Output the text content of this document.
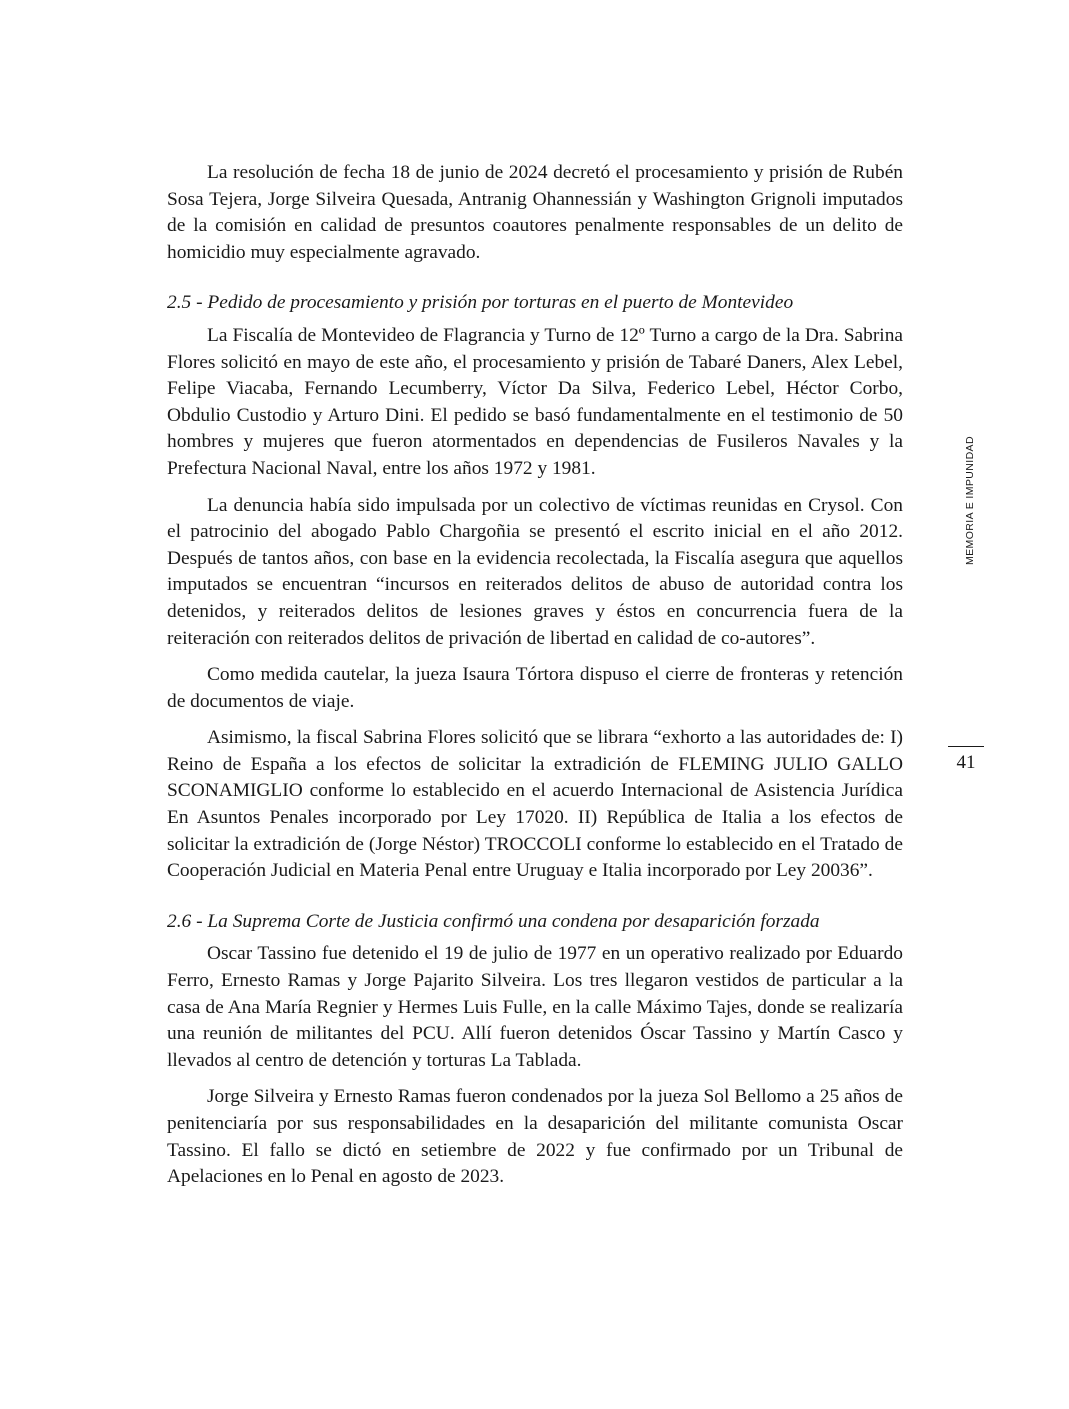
La resolución de fecha 18 de junio de 2024 decretó el procesamiento y prisión de Rubén Sosa Tejera, Jorge Silveira Quesada, Antranig Ohannessián y Washington Grignoli imputados de la comisión en calidad de presuntos coautores penalmente responsables de un delito de homicidio muy especialmente agravado.

2.5 - Pedido de procesamiento y prisión por torturas en el puerto de Montevideo

La Fiscalía de Montevideo de Flagrancia y Turno de 12º Turno a cargo de la Dra. Sabrina Flores solicitó en mayo de este año, el procesamiento y prisión de Tabaré Daners, Alex Lebel, Felipe Viacaba, Fernando Lecumberry, Víctor Da Silva, Federico Lebel, Héctor Corbo, Obdulio Custodio y Arturo Dini. El pedido se basó fundamentalmente en el testimonio de 50 hombres y mujeres que fueron atormentados en dependencias de Fusileros Navales y la Prefectura Nacional Naval, entre los años 1972 y 1981.

La denuncia había sido impulsada por un colectivo de víctimas reunidas en Crysol. Con el patrocinio del abogado Pablo Chargoñia se presentó el escrito inicial en el año 2012. Después de tantos años, con base en la evidencia recolectada, la Fiscalía asegura que aquellos imputados se encuentran “incursos en reiterados delitos de abuso de autoridad contra los detenidos, y reiterados delitos de lesiones graves y éstos en concurrencia fuera de la reiteración con reiterados delitos de privación de libertad en calidad de co-autores”.

Como medida cautelar, la jueza Isaura Tórtora dispuso el cierre de fronteras y retención de documentos de viaje.

Asimismo, la fiscal Sabrina Flores solicitó que se librara “exhorto a las autoridades de: I) Reino de España a los efectos de solicitar la extradición de FLEMING JULIO GALLO SCONAMIGLIO conforme lo establecido en el acuerdo Internacional de Asistencia Jurídica En Asuntos Penales incorporado por Ley 17020. II) República de Italia a los efectos de solicitar la extradición de (Jorge Néstor) TROCCOLI conforme lo establecido en el Tratado de Cooperación Judicial en Materia Penal entre Uruguay e Italia incorporado por Ley 20036”.

2.6 - La Suprema Corte de Justicia confirmó una condena por desaparición forzada

Oscar Tassino fue detenido el 19 de julio de 1977 en un operativo realizado por Eduardo Ferro, Ernesto Ramas y Jorge Pajarito Silveira. Los tres llegaron vestidos de particular a la casa de Ana María Regnier y Hermes Luis Fulle, en la calle Máximo Tajes, donde se realizaría una reunión de militantes del PCU. Allí fueron detenidos Óscar Tassino y Martín Casco y llevados al centro de detención y torturas La Tablada.

Jorge Silveira y Ernesto Ramas fueron condenados por la jueza Sol Bellomo a 25 años de penitenciaría por sus responsabilidades en la desaparición del militante comunista Oscar Tassino. El fallo se dictó en setiembre de 2022 y fue confirmado por un Tribunal de Apelaciones en lo Penal en agosto de 2023.

MEMORIA E IMPUNIDAD
41
